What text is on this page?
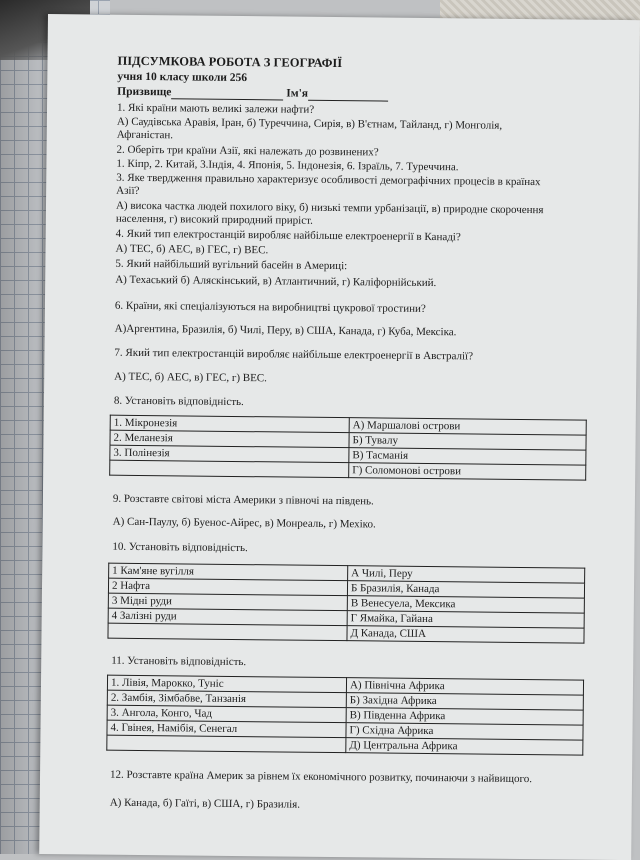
ПІДСУМКОВА РОБОТА З ГЕОГРАФІЇ
учня 10 класу школи 256
Призвище	Ім'я
1. Які країни мають великі залежи нафти?
А) Саудівська Аравія, Іран, б) Туреччина, Сирія, в) В'єтнам, Тайланд, г) Монголія,
Афганістан.
2. Оберіть три країни Азії, які належать до розвинених?
1. Кіпр, 2. Китай, 3.Індія, 4. Японія, 5. Індонезія, 6. Ізраїль, 7. Туреччина.
3. Яке твердження правильно характеризує особливості демографічних процесів в країнах
Азії?
А) висока частка людей похилого віку, б) низькі темпи урбанізації, в) природне скорочення
населення, г) високий природний приріст.
4. Який тип електростанцій виробляє найбільше електроенергії в Канаді?
А) ТЕС, б) АЕС, в) ГЕС, г) ВЕС.
5. Який найбільший вугільний басейн в Америці:
А) Техаський б) Аляскінський, в) Атлантичний, г) Каліфорнійський.
6. Країни, які спеціалізуються на виробництві цукрової тростини?
А)Аргентина, Бразилія, б) Чилі, Перу, в) США, Канада, г) Куба, Мексіка.
7. Який тип електростанцій виробляє найбільше електроенергії в Австралії?
А) ТЕС, б) АЕС, в) ГЕС, г) ВЕС.
8. Установіть відповідність.
1. Мікронезія	А) Маршалові острови
2. Меланезія	Б) Тувалу
3. Полінезія	В) Тасманія
	Г) Соломонові острови
9. Розставте світові міста Америки з півночі на південь.
А) Сан-Паулу, б) Буенос-Айрес, в) Монреаль, г) Мехіко.
10. Установіть відповідність.
1 Кам'яне вугілля	А Чилі, Перу
2 Нафта	Б Бразилія, Канада
3 Мідні руди	В Венесуела, Мексика
4 Залізні руди	Г Ямайка, Гайана
	Д Канада, США
11. Установіть відповідність.
1. Лівія, Марокко, Туніс	А) Північна Африка
2. Замбія, Зімбабве, Танзанія	Б) Західна Африка
3. Ангола, Конго, Чад	В) Південна Африка
4. Гвінея, Намібія, Сенегал	Г) Східна Африка
	Д) Центральна Африка
12. Розставте країна Америк за рівнем їх економічного розвитку, починаючи з найвищого.
А) Канада, б) Гаїті, в) США, г) Бразилія.
